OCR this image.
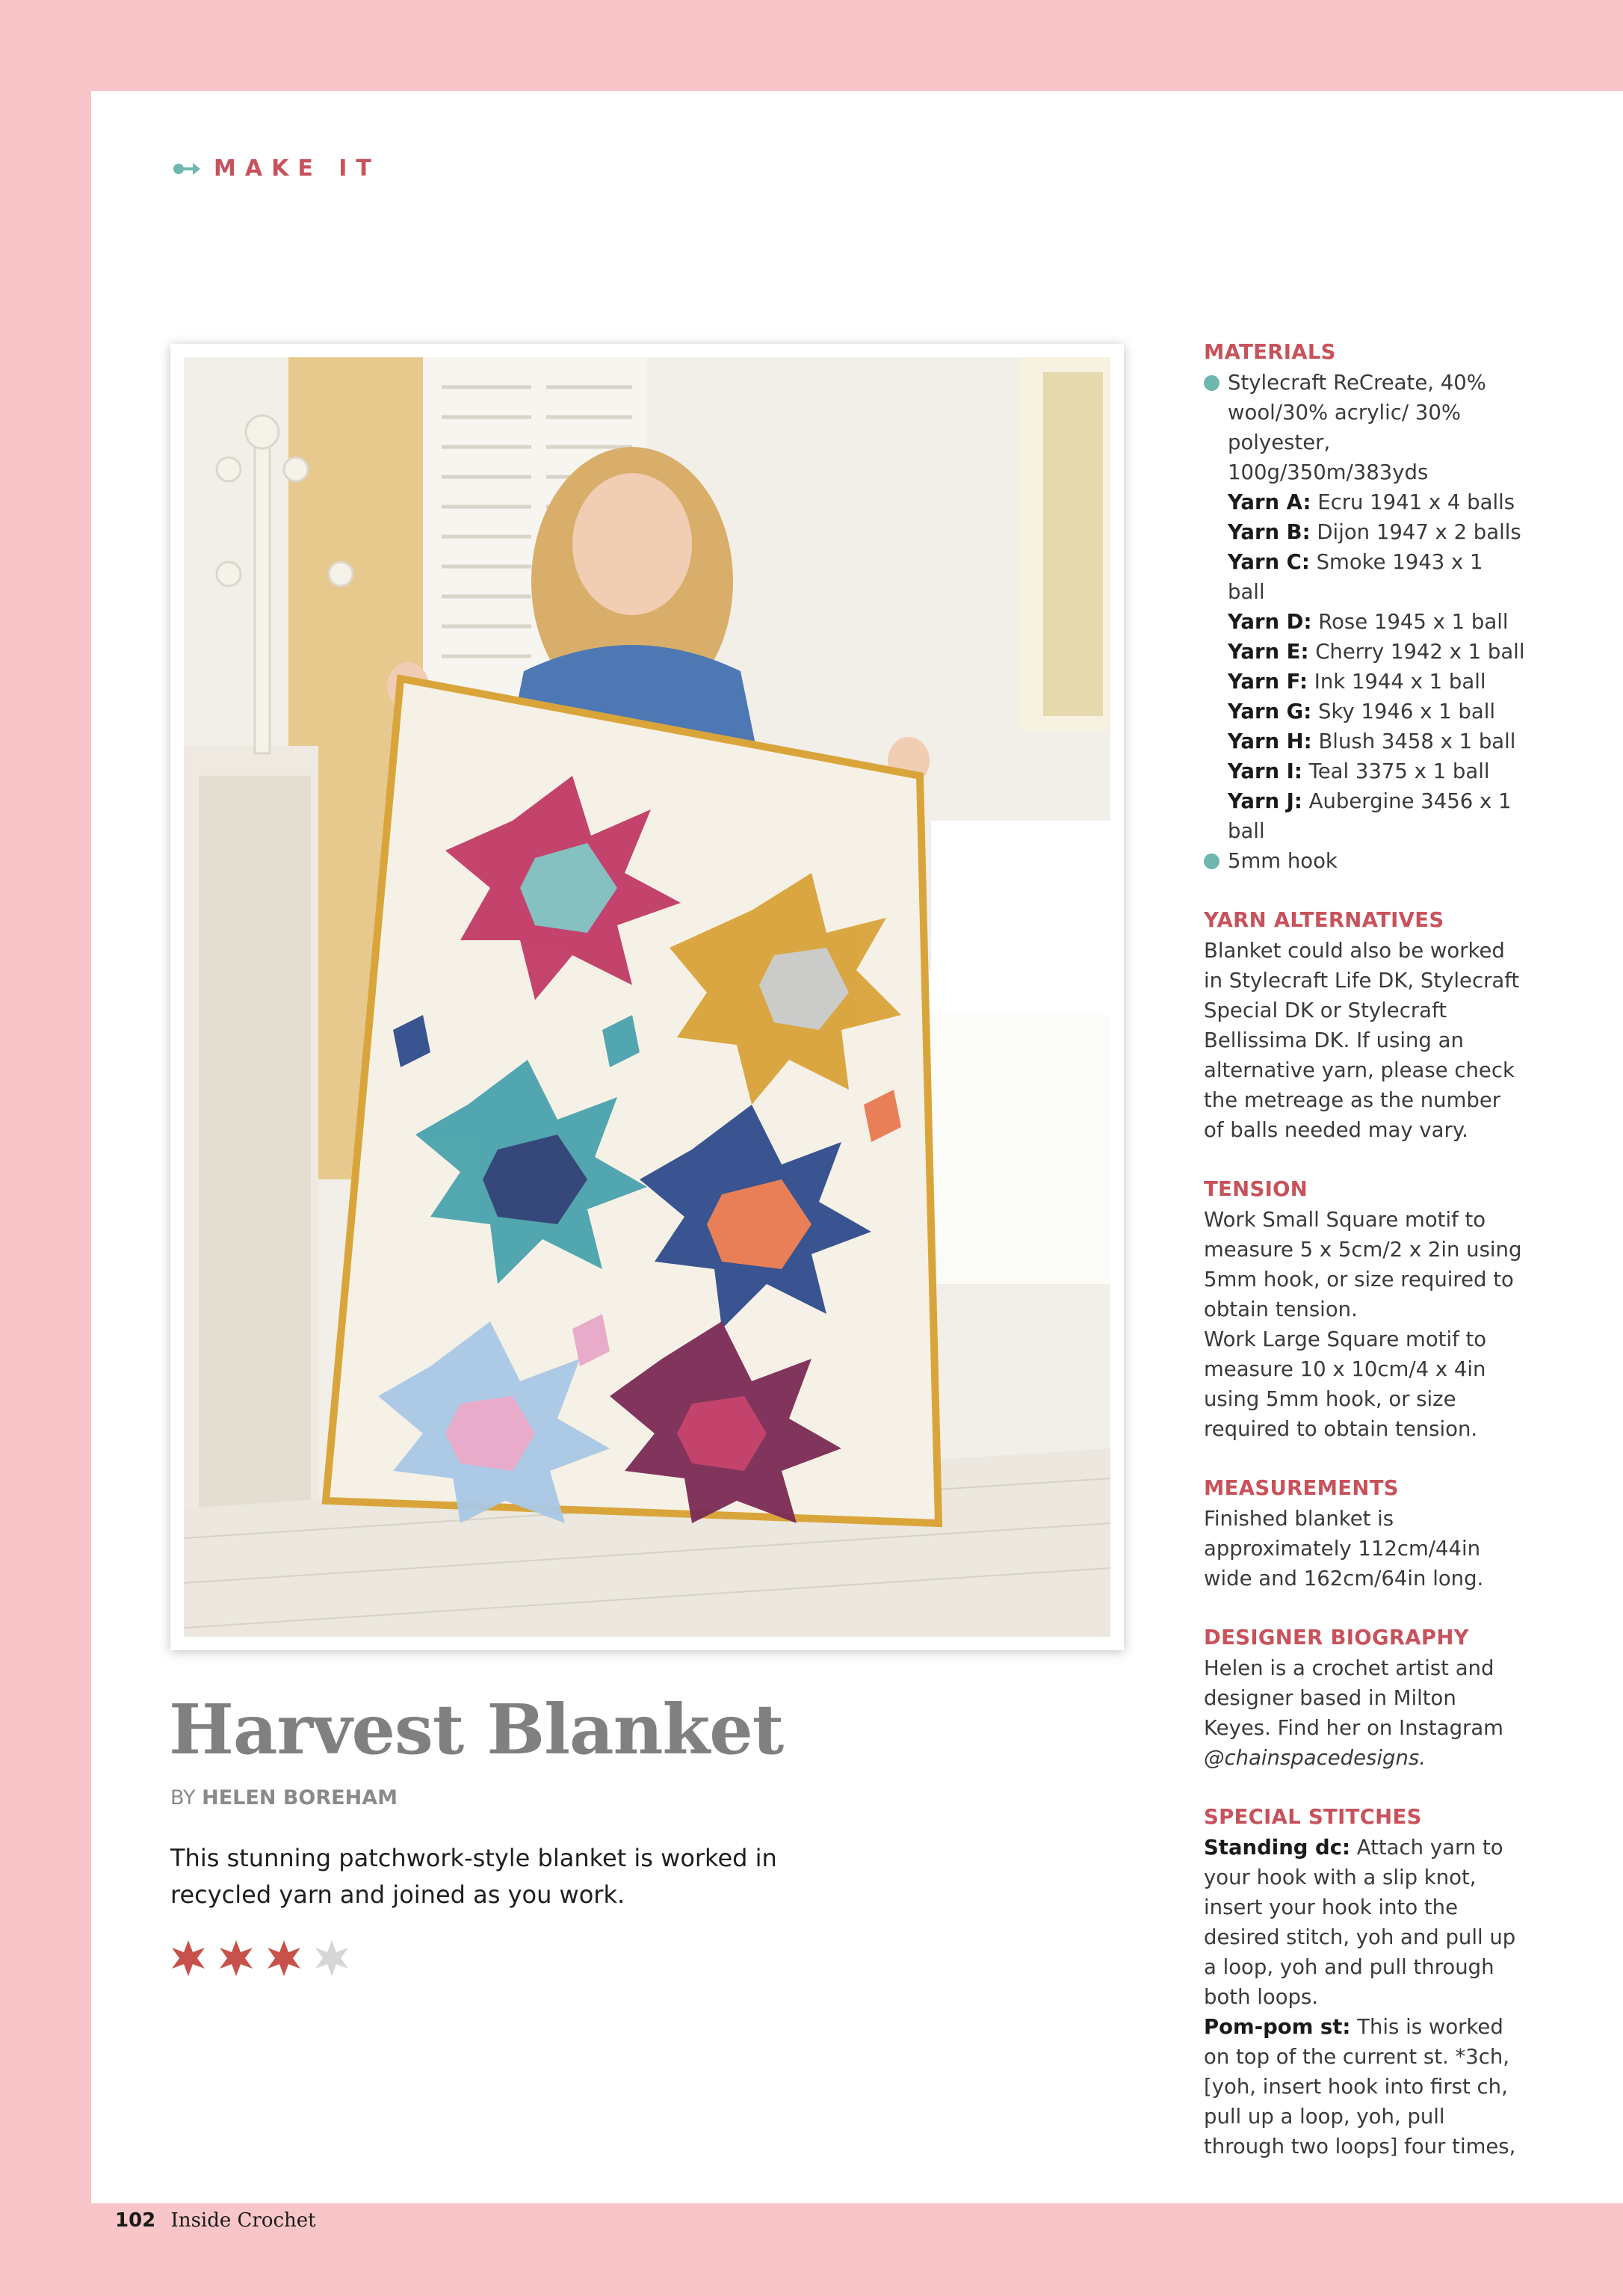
MAKE IT
Harvest Blanket
BY HELEN BOREHAM
This stunning patchwork-style blanket is worked in recycled yarn and joined as you work.
MATERIALS

Stylecraft ReCreate, 40% wool/30% acrylic/ 30% polyester, 100g/350m/383yds

Yarn A: Ecru 1941 x 4 balls

Yarn B: Dijon 1947 x 2 balls

Yarn C: Smoke 1943 x 1 ball

Yarn D: Rose 1945 x 1 ball

Yarn E: Cherry 1942 x 1 ball

Yarn F: Ink 1944 x 1 ball

Yarn G: Sky 1946 x 1 ball

Yarn H: Blush 3458 x 1 ball

Yarn I: Teal 3375 x 1 ball

Yarn J: Aubergine 3456 x 1 ball

5mm hook
YARN ALTERNATIVES

Blanket could also be worked in Stylecraft Life DK, Stylecraft Special DK or Stylecraft Bellissima DK. If using an alternative yarn, please check the metreage as the number of balls needed may vary.

TENSION

Work Small Square motif to measure 5 x 5cm/2 x 2in using 5mm hook, or size required to obtain tension.

Work Large Square motif to measure 10 x 10cm/4 x 4in using 5mm hook, or size required to obtain tension.

MEASUREMENTS

Finished blanket is approximately 112cm/44in wide and 162cm/64in long.

DESIGNER BIOGRAPHY

Helen is a crochet artist and designer based in Milton Keyes. Find her on Instagram @chainspacedesigns.

SPECIAL STITCHES

Standing dc: Attach yarn to your hook with a slip knot, insert your hook into the desired stitch, yoh and pull up a loop, yoh and pull through both loops.

Pom-pom st: This is worked on top of the current st. *3ch, [yoh, insert hook into first ch, pull up a loop, yoh, pull through two loops] four times,

102 Inside Crochet
